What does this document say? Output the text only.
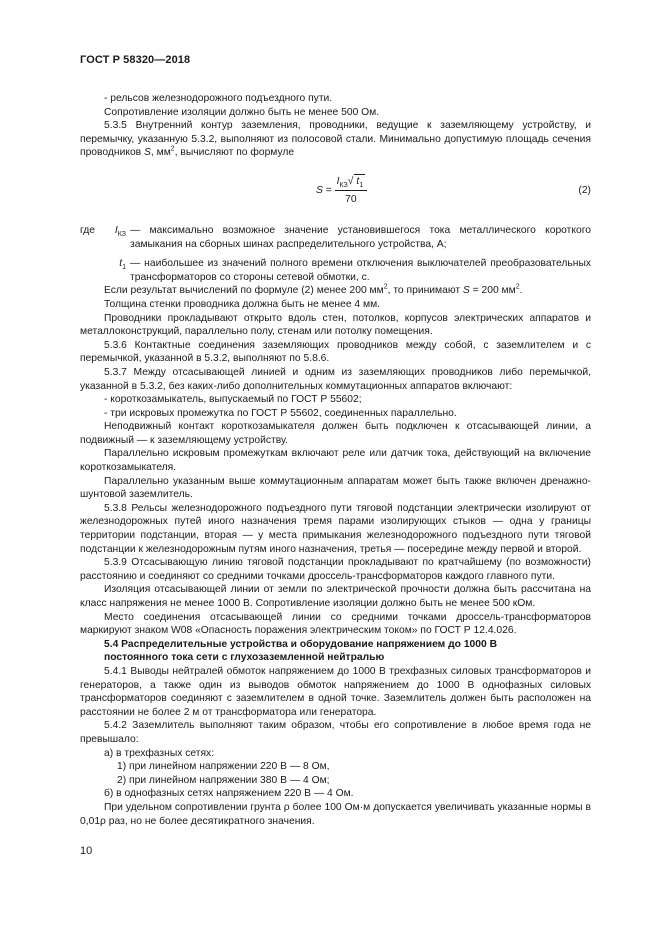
ГОСТ Р 58320—2018

- рельсов железнодорожного подъездного пути.

Сопротивление изоляции должно быть не менее 500 Ом.

5.3.5 Внутренний контур заземления, проводники, ведущие к заземляющему устройству, и перемычку, указанную 5.3.2, выполняют из полосовой стали. Минимально допустимую площадь сечения проводников S, $мм^2$, вычисляют по формуле

$S = \frac{I_{КЗ}√ t_1}{70}$	(2)
где	$I_{КЗ}$ — максимально возможное значение установившегося тока металлического короткого замыкания на сборных шинах распределительного устройства, А;
$t_1$ — наибольшее из значений полного времени отключения выключателей преобразовательных трансформаторов со стороны сетевой обмотки, с.

Если результат вычислений по формуле (2) менее 200 $мм^2$, то принимают S = 200 $мм^2$.

Толщина стенки проводника должна быть не менее 4 мм.

Проводники прокладывают открыто вдоль стен, потолков, корпусов электрических аппаратов и металлоконструкций, параллельно полу, стенам или потолку помещения.

5.3.6 Контактные соединения заземляющих проводников между собой, с заземлителем и с перемычкой, указанной в 5.3.2, выполняют по 5.8.6.

5.3.7 Между отсасывающей линией и одним из заземляющих проводников либо перемычкой, указанной в 5.3.2, без каких-либо дополнительных коммутационных аппаратов включают:

- короткозамыкатель, выпускаемый по ГОСТ Р 55602;

- три искровых промежутка по ГОСТ Р 55602, соединенных параллельно.

Неподвижный контакт короткозамыкателя должен быть подключен к отсасывающей линии, а подвижный — к заземляющему устройству.

Параллельно искровым промежуткам включают реле или датчик тока, действующий на включение короткозамыкателя.

Параллельно указанным выше коммутационным аппаратам может быть также включен дренажно-шунтовой заземлитель.

5.3.8 Рельсы железнодорожного подъездного пути тяговой подстанции электрически изолируют от железнодорожных путей иного назначения тремя парами изолирующих стыков — одна у границы территории подстанции, вторая — у места примыкания железнодорожного подъездного пути тяговой подстанции к железнодорожным путям иного назначения, третья — посередине между первой и второй.

5.3.9 Отсасывающую линию тяговой подстанции прокладывают по кратчайшему (по возможности) расстоянию и соединяют со средними точками дроссель-трансформаторов каждого главного пути.

Изоляция отсасывающей линии от земли по электрической прочности должна быть рассчитана на класс напряжения не менее 1000 В. Сопротивление изоляции должно быть не менее 500 кОм.

Место соединения отсасывающей линии со средними точками дроссель-трансформаторов маркируют знаком W08 «Опасность поражения электрическим током» по ГОСТ Р 12.4.026.

5.4 Распределительные устройства и оборудование напряжением до 1000 В
постоянного тока сети с глухозаземленной нейтралью

5.4.1 Выводы нейтралей обмоток напряжением до 1000 В трехфазных силовых трансформаторов и генераторов, а также один из выводов обмоток напряжением до 1000 В однофазных силовых трансформаторов соединяют с заземлителем в одной точке. Заземлитель должен быть расположен на расстоянии не более 2 м от трансформатора или генератора.

5.4.2 Заземлитель выполняют таким образом, чтобы его сопротивление в любое время года не превышало:

а) в трехфазных сетях:

1) при линейном напряжении 220 В — 8 Ом,

2) при линейном напряжении 380 В — 4 Ом;

б) в однофазных сетях напряжением 220 В — 4 Ом.

При удельном сопротивлении грунта ρ более 100 Ом·м допускается увеличивать указанные нормы в 0,01ρ раз, но не более десятикратного значения.

10
